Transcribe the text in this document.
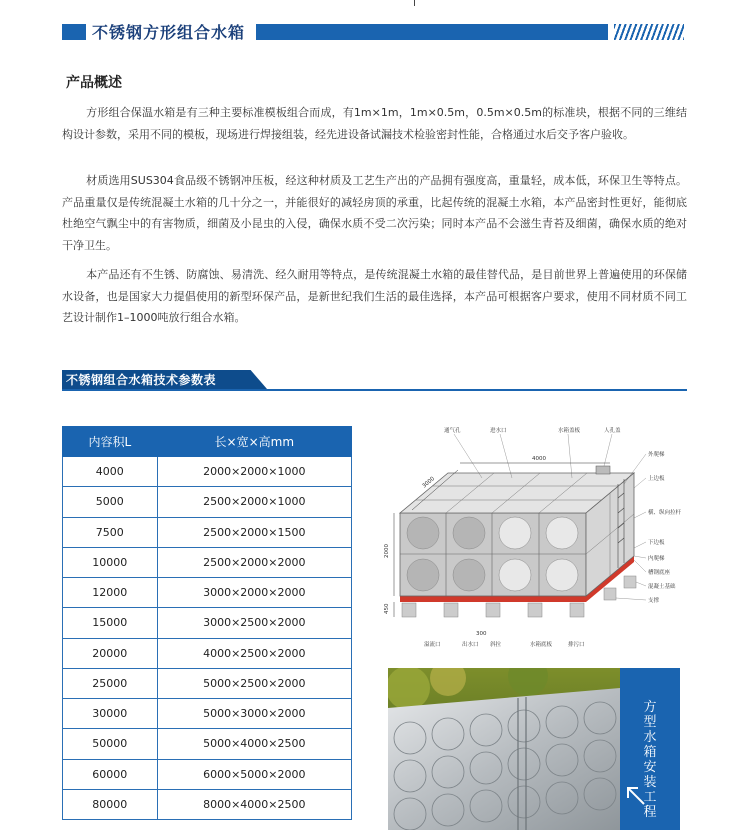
不锈钢方形组合水箱
产品概述
方形组合保温水箱是有三种主要标准模板组合而成，有1m×1m，1m×0.5m，0.5m×0.5m的标准块，根据不同的三维结构设计参数，采用不同的模板，现场进行焊接组装，经先进设备试漏技术检验密封性能，合格通过水后交予客户验收。
材质选用SUS304食品级不锈钢冲压板，经这种材质及工艺生产出的产品拥有强度高，重量轻，成本低，环保卫生等特点。产品重量仅是传统混凝土水箱的几十分之一，并能很好的减轻房顶的承重，比起传统的混凝土水箱，本产品密封性更好，能彻底杜绝空气飘尘中的有害物质，细菌及小昆虫的入侵，确保水质不受二次污染；同时本产品不会滋生青苔及细菌，确保水质的绝对干净卫生。
本产品还有不生锈、防腐蚀、易清洗、经久耐用等特点，是传统混凝土水箱的最佳替代品，是目前世界上普遍使用的环保储水设备，也是国家大力提倡使用的新型环保产品，是新世纪我们生活的最佳选择，本产品可根据客户要求，使用不同材质不同工艺设计制作1–1000吨放行组合水箱。
不锈钢组合水箱技术参数表
内容积L	长×宽×高mm
4000	2000×2000×1000
5000	2500×2000×1000
7500	2500×2000×1500
10000	2500×2000×2000
12000	3000×2000×2000
15000	3000×2500×2000
20000	4000×2500×2000
25000	5000×2500×2000
30000	5000×3000×2000
50000	5000×4000×2500
60000	6000×5000×2000
80000	8000×4000×2500
2000
450
3000
4000
300
通气孔	进水口	水箱盖板	人孔盖
外爬梯
上边板
横、纵向拉杆
下边板
内爬梯
槽钢底座
混凝土基础
支撑
溢流口	出水口 斜拉	水箱底板	排污口
方型水箱安装工程
